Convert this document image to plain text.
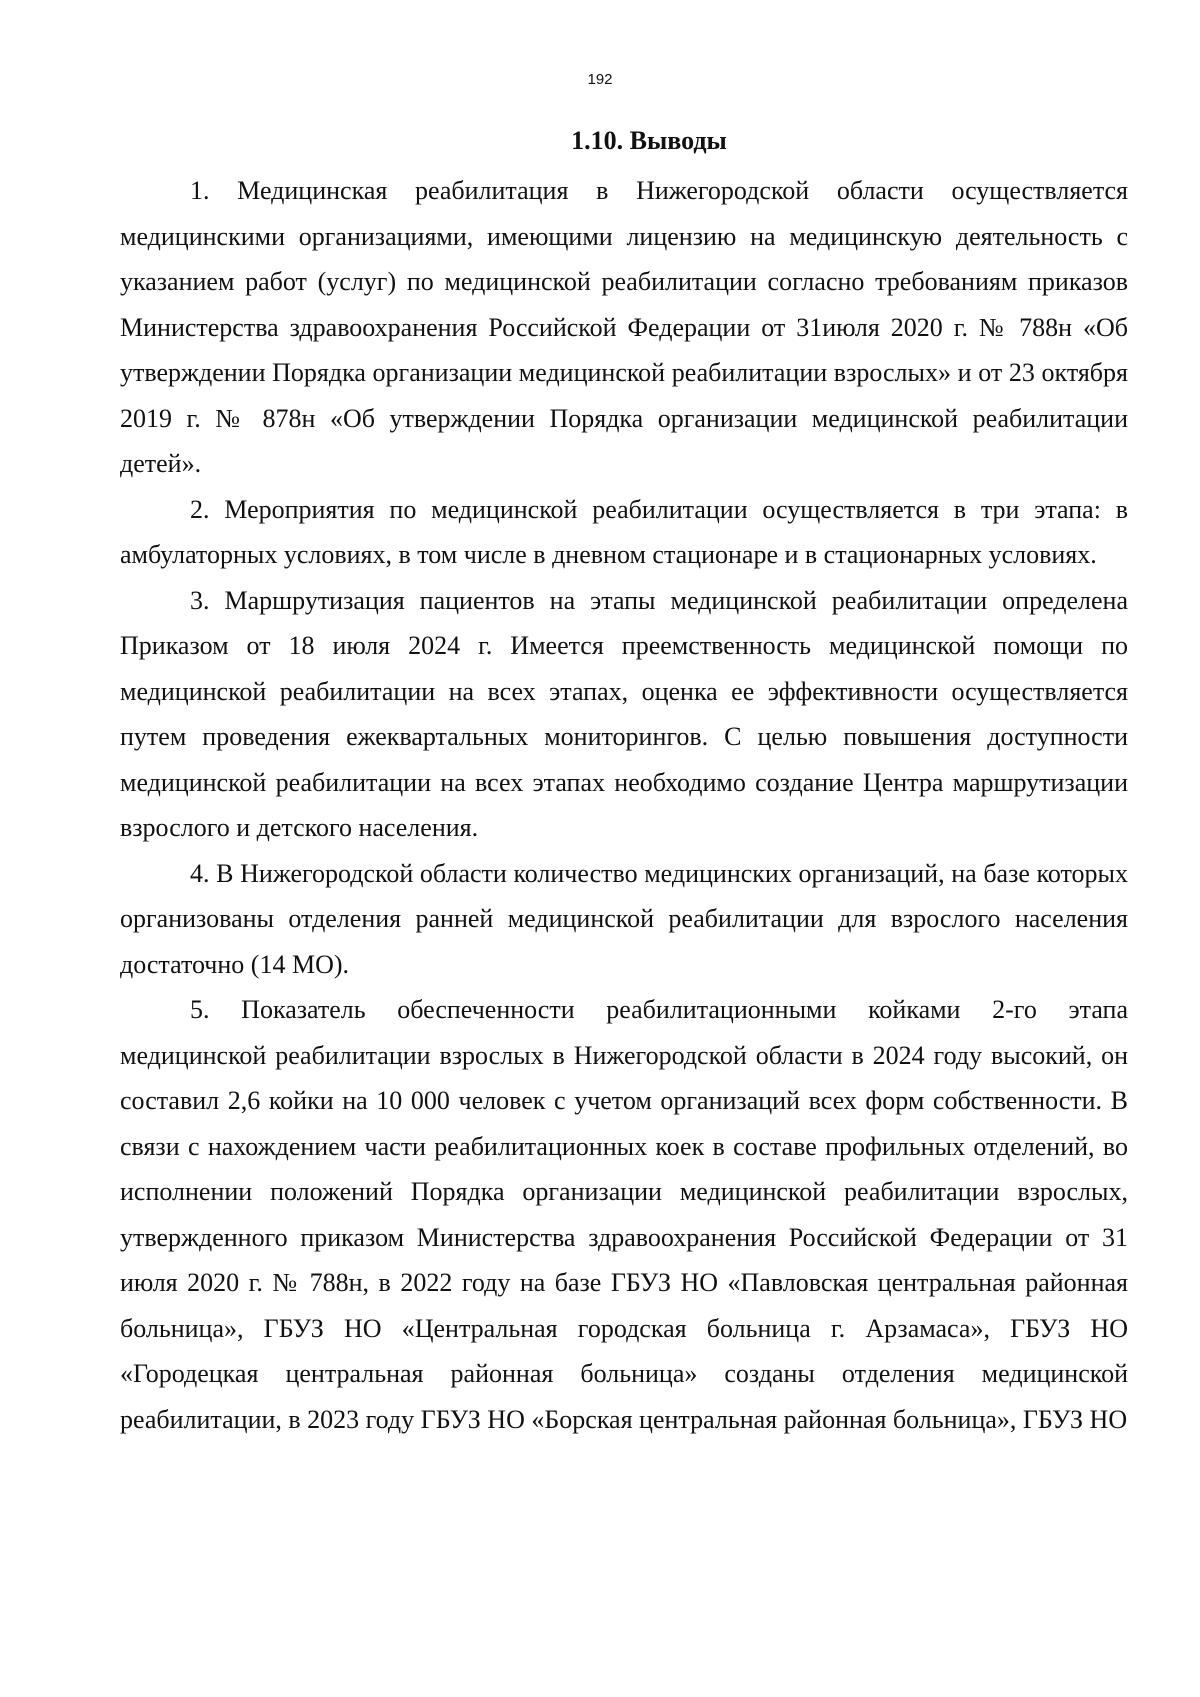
192
1.10. Выводы

1. Медицинская реабилитация в Нижегородской области осуществляется медицинскими организациями, имеющими лицензию на медицинскую деятельность с указанием работ (услуг) по медицинской реабилитации согласно требованиям приказов Министерства здравоохранения Российской Федерации от 31июля 2020 г. № 788н «Об утверждении Порядка организации медицинской реабилитации взрослых» и от 23 октября 2019 г. № 878н «Об утверждении Порядка организации медицинской реабилитации детей».

2. Мероприятия по медицинской реабилитации осуществляется в три этапа: в амбулаторных условиях, в том числе в дневном стационаре и в стационарных условиях.

3. Маршрутизация пациентов на этапы медицинской реабилитации определена Приказом от 18 июля 2024 г. Имеется преемственность медицинской помощи по медицинской реабилитации на всех этапах, оценка ее эффективности осуществляется путем проведения ежеквартальных мониторингов. С целью повышения доступности медицинской реабилитации на всех этапах необходимо создание Центра маршрутизации взрослого и детского населения.

4. В Нижегородской области количество медицинских организаций, на базе которых организованы отделения ранней медицинской реабилитации для взрослого населения достаточно (14 МО).

5. Показатель обеспеченности реабилитационными койками 2-го этапа медицинской реабилитации взрослых в Нижегородской области в 2024 году высокий, он составил 2,6 койки на 10 000 человек с учетом организаций всех форм собственности. В связи с нахождением части реабилитационных коек в составе профильных отделений, во исполнении положений Порядка организации медицинской реабилитации взрослых, утвержденного приказом Министерства здравоохранения Российской Федерации от 31 июля 2020 г. № 788н, в 2022 году на базе ГБУЗ НО «Павловская центральная районная больница», ГБУЗ НО «Центральная городская больница г. Арзамаса», ГБУЗ НО «Городецкая центральная районная больница» созданы отделения медицинской реабилитации, в 2023 году ГБУЗ НО «Борская центральная районная больница», ГБУЗ НО
